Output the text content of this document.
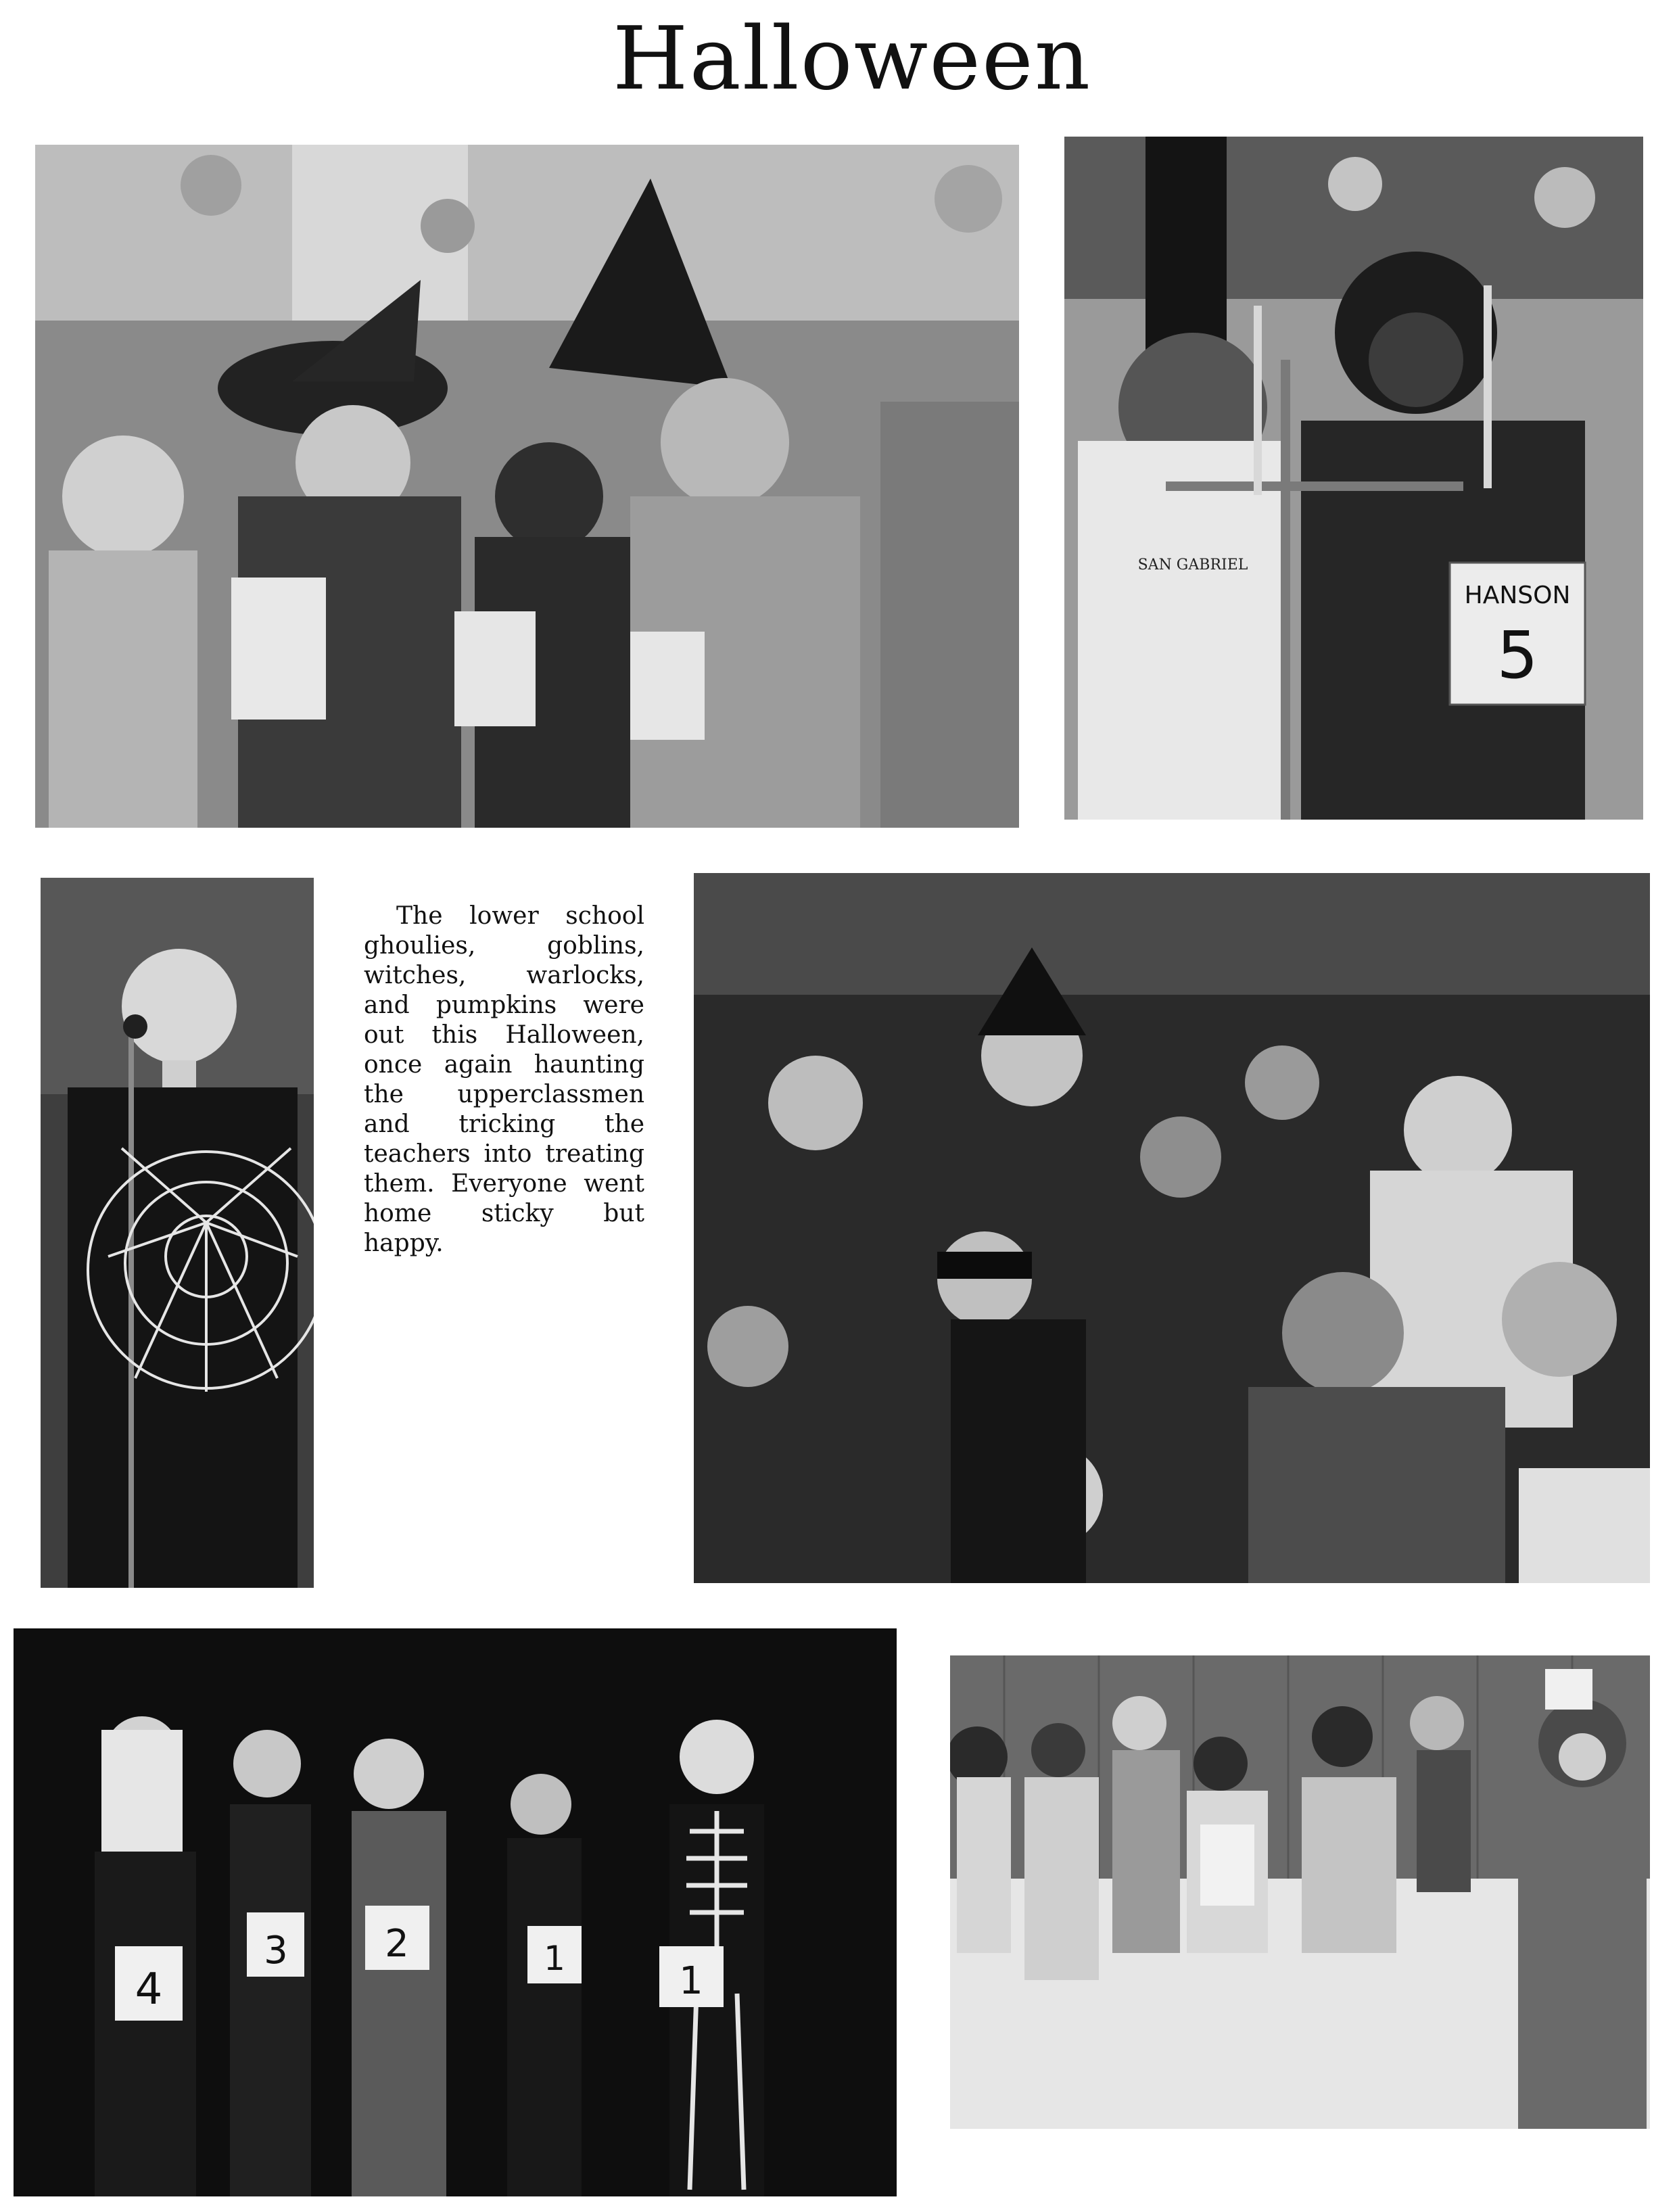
Halloween
HANSON
5
SAN GABRIEL
The lower school ghoulies, goblins, witches, warlocks, and pumpkins were out this Halloween, once again haunting the upperclassmen and tricking the teachers into treating them. Everyone went home sticky but happy.
4
3	2	1
1
